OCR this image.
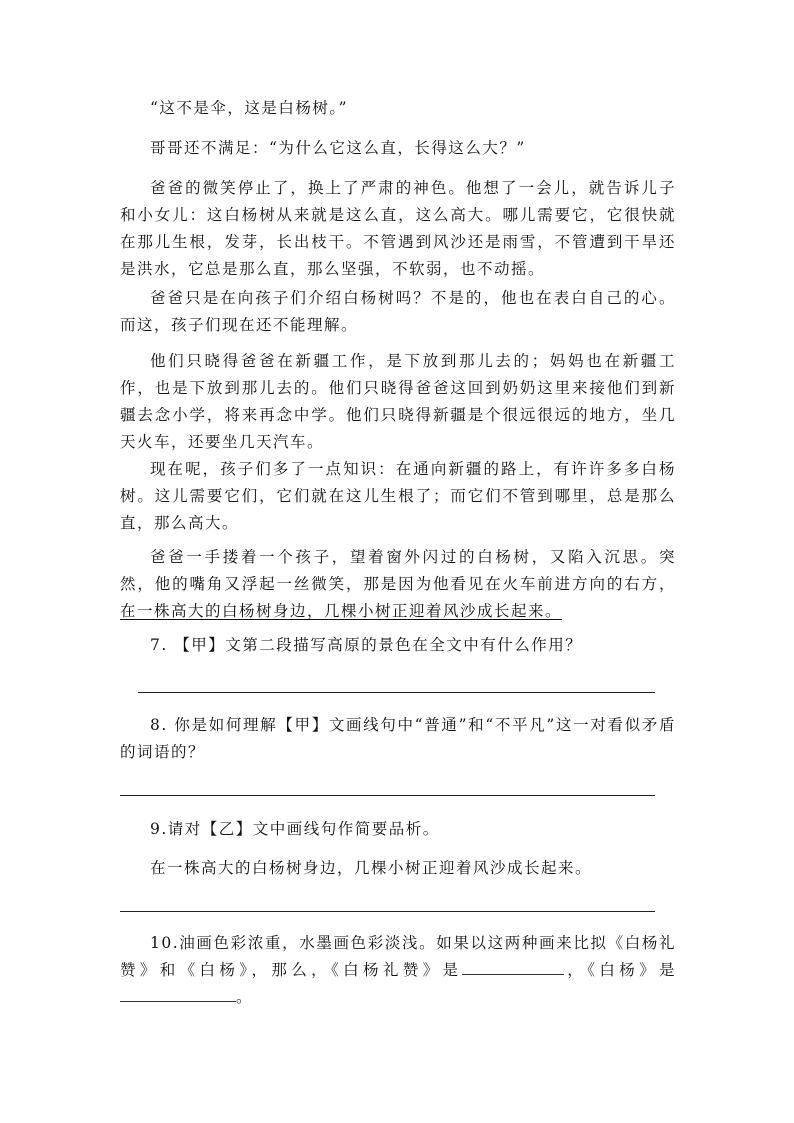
“这不是伞，这是白杨树。”

哥哥还不满足：“为什么它这么直，长得这么大？”

爸爸的微笑停止了，换上了严肃的神色。他想了一会儿，就告诉儿子和小女儿：这白杨树从来就是这么直，这么高大。哪儿需要它，它很快就在那儿生根，发芽，长出枝干。不管遇到风沙还是雨雪，不管遭到干旱还是洪水，它总是那么直，那么坚强，不软弱，也不动摇。

爸爸只是在向孩子们介绍白杨树吗？不是的，他也在表白自己的心。而这，孩子们现在还不能理解。

他们只晓得爸爸在新疆工作，是下放到那儿去的；妈妈也在新疆工作，也是下放到那儿去的。他们只晓得爸爸这回到奶奶这里来接他们到新疆去念小学，将来再念中学。他们只晓得新疆是个很远很远的地方，坐几天火车，还要坐几天汽车。

现在呢，孩子们多了一点知识：在通向新疆的路上，有许许多多白杨树。这儿需要它们，它们就在这儿生根了；而它们不管到哪里，总是那么直，那么高大。

爸爸一手搂着一个孩子，望着窗外闪过的白杨树，又陷入沉思。突然，他的嘴角又浮起一丝微笑，那是因为他看见在火车前进方向的右方，在一株高大的白杨树身边，几棵小树正迎着风沙成长起来。

7. 【甲】文第二段描写高原的景色在全文中有什么作用？

8. 你是如何理解【甲】文画线句中“普通”和“不平凡”这一对看似矛盾的词语的？

9.请对【乙】文中画线句作简要品析。

在一株高大的白杨树身边，几棵小树正迎着风沙成长起来。

10.油画色彩浓重，水墨画色彩淡浅。如果以这两种画来比拟《白杨礼赞》和《白杨》，那么，《白杨礼赞》是	，《白杨》是。
